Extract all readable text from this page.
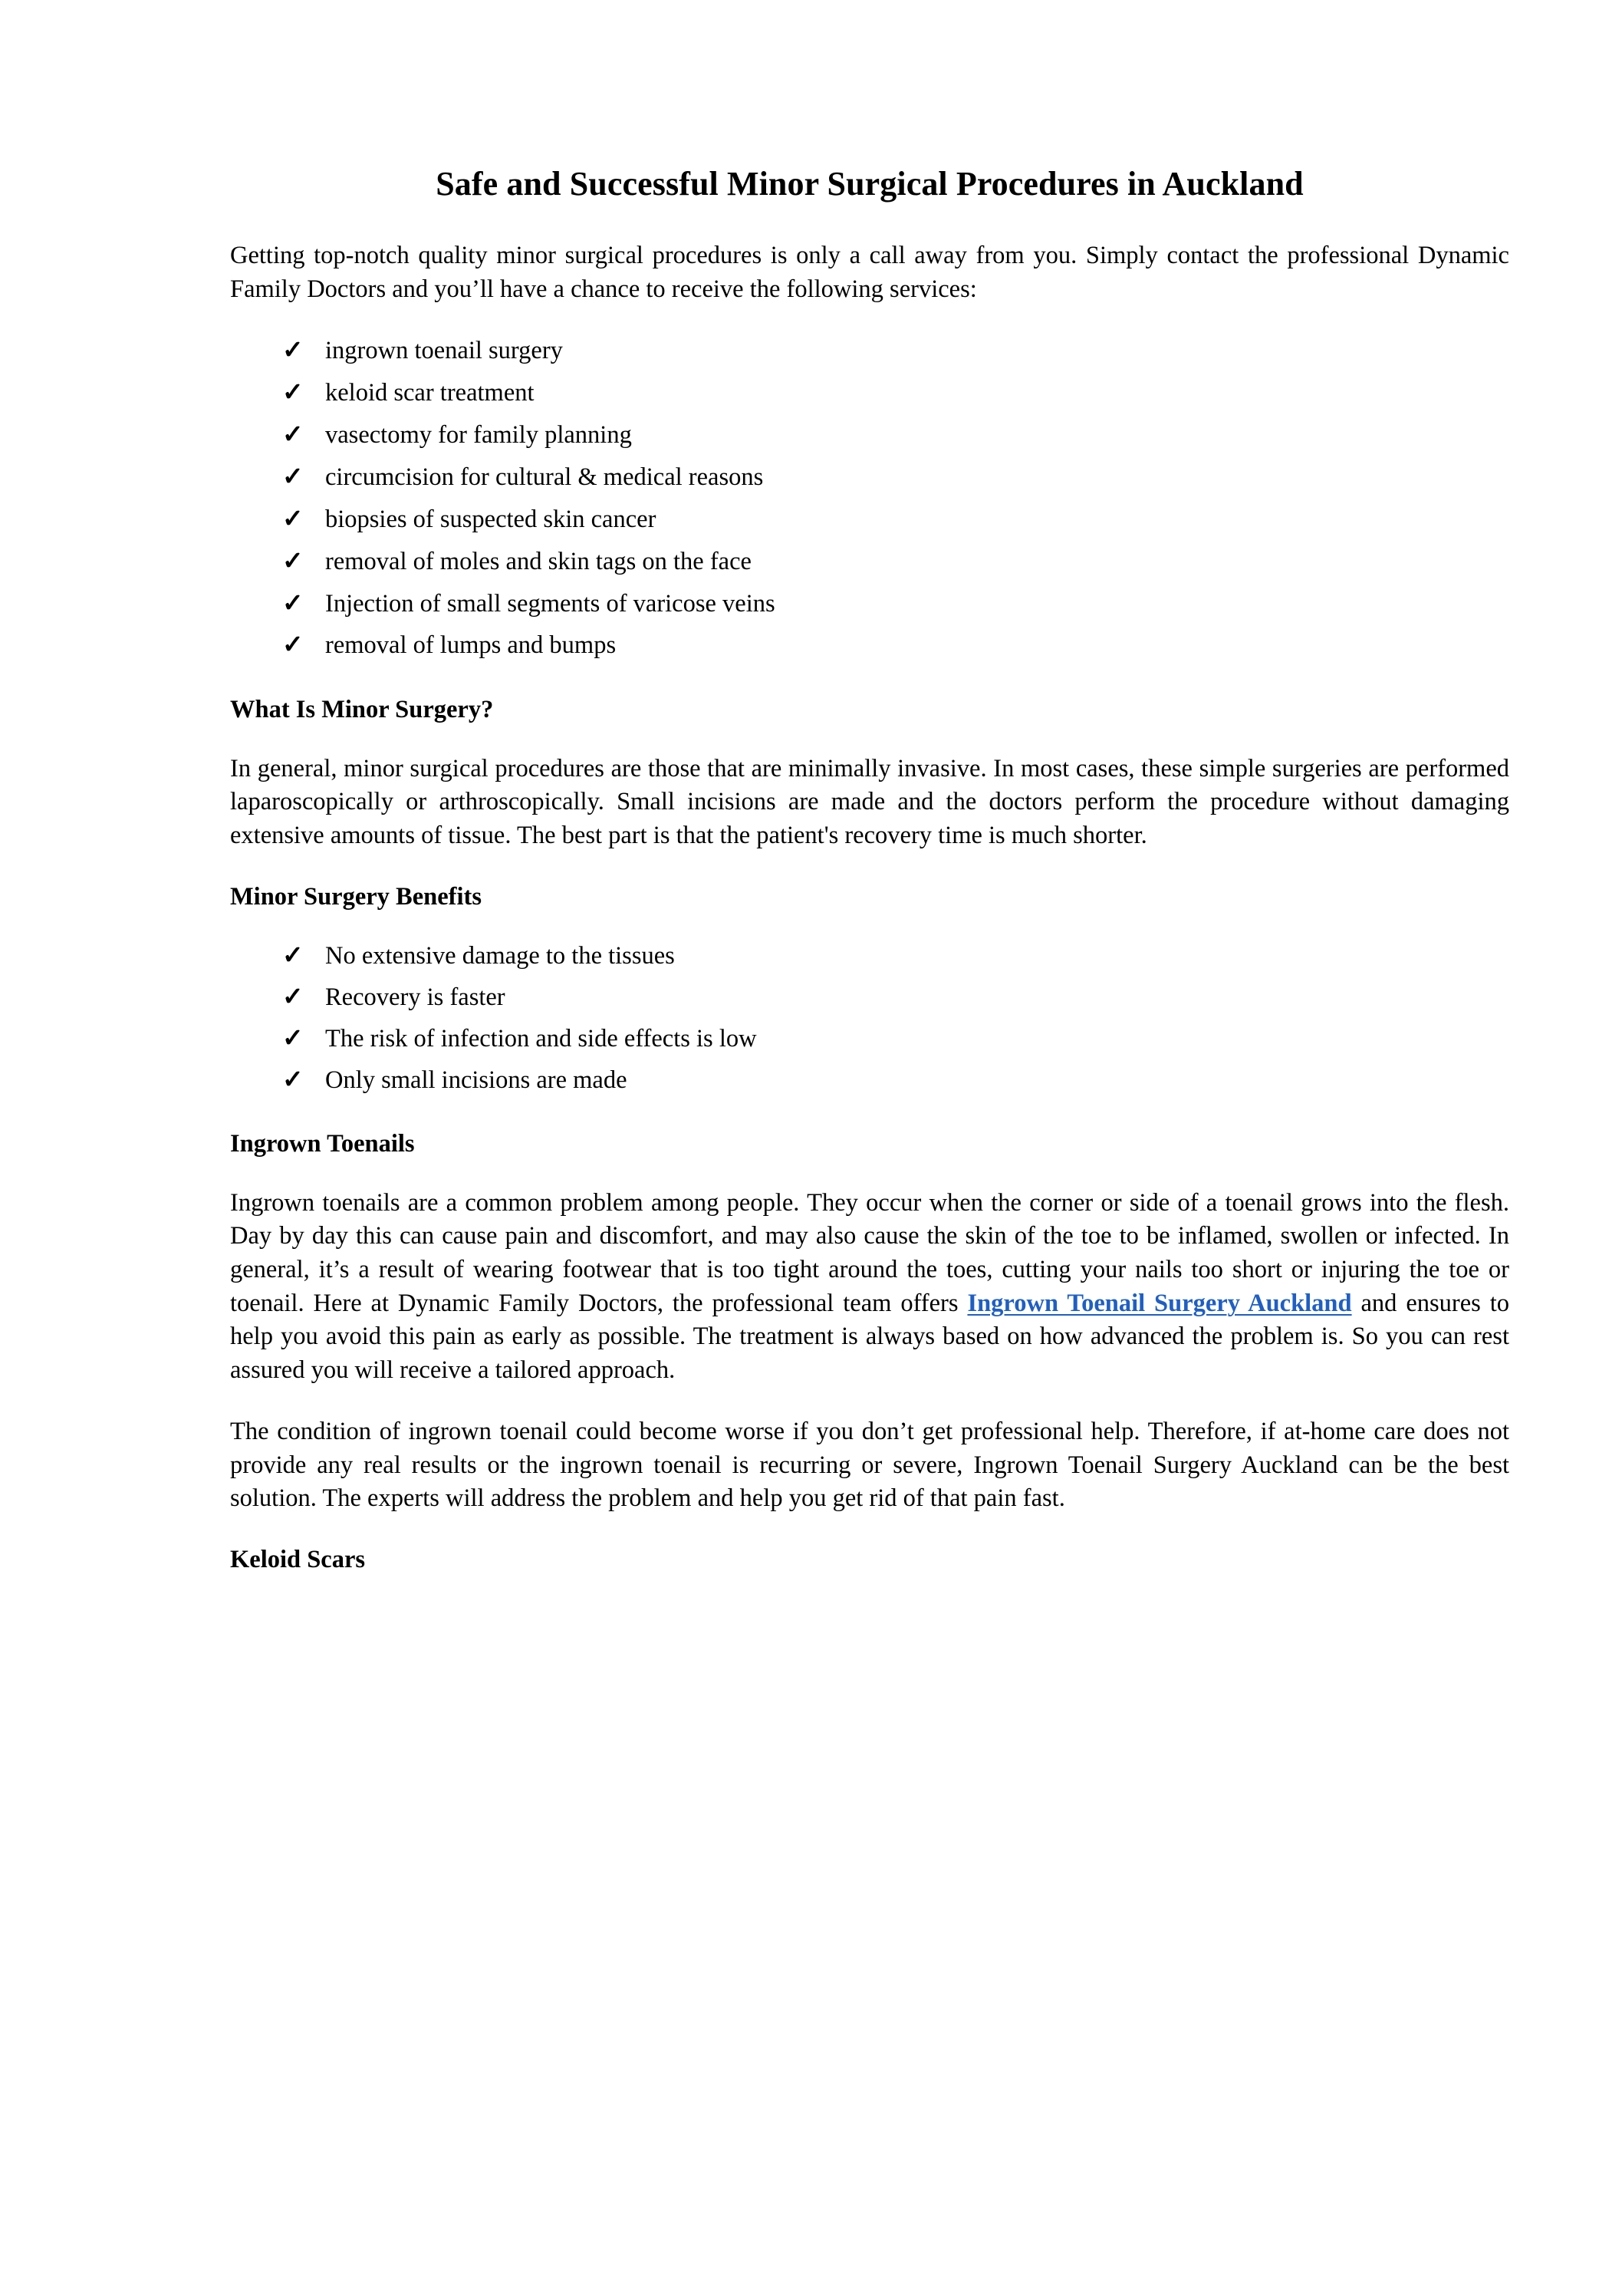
Safe and Successful Minor Surgical Procedures in Auckland

Getting top-notch quality minor surgical procedures is only a call away from you. Simply contact the professional Dynamic Family Doctors and you’ll have a chance to receive the following services:

✓ ingrown toenail surgery
✓ keloid scar treatment
✓ vasectomy for family planning
✓ circumcision for cultural & medical reasons
✓ biopsies of suspected skin cancer
✓ removal of moles and skin tags on the face
✓ Injection of small segments of varicose veins
✓ removal of lumps and bumps
What Is Minor Surgery?

In general, minor surgical procedures are those that are minimally invasive. In most cases, these simple surgeries are performed laparoscopically or arthroscopically. Small incisions are made and the doctors perform the procedure without damaging extensive amounts of tissue. The best part is that the patient's recovery time is much shorter.

Minor Surgery Benefits
✓ No extensive damage to the tissues
✓ Recovery is faster
✓ The risk of infection and side effects is low
✓ Only small incisions are made
Ingrown Toenails

Ingrown toenails are a common problem among people. They occur when the corner or side of a toenail grows into the flesh. Day by day this can cause pain and discomfort, and may also cause the skin of the toe to be inflamed, swollen or infected. In general, it’s a result of wearing footwear that is too tight around the toes, cutting your nails too short or injuring the toe or toenail. Here at Dynamic Family Doctors, the professional team offers Ingrown Toenail Surgery Auckland and ensures to help you avoid this pain as early as possible. The treatment is always based on how advanced the problem is. So you can rest assured you will receive a tailored approach.

The condition of ingrown toenail could become worse if you don’t get professional help. Therefore, if at-home care does not provide any real results or the ingrown toenail is recurring or severe, Ingrown Toenail Surgery Auckland can be the best solution. The experts will address the problem and help you get rid of that pain fast.

Keloid Scars
